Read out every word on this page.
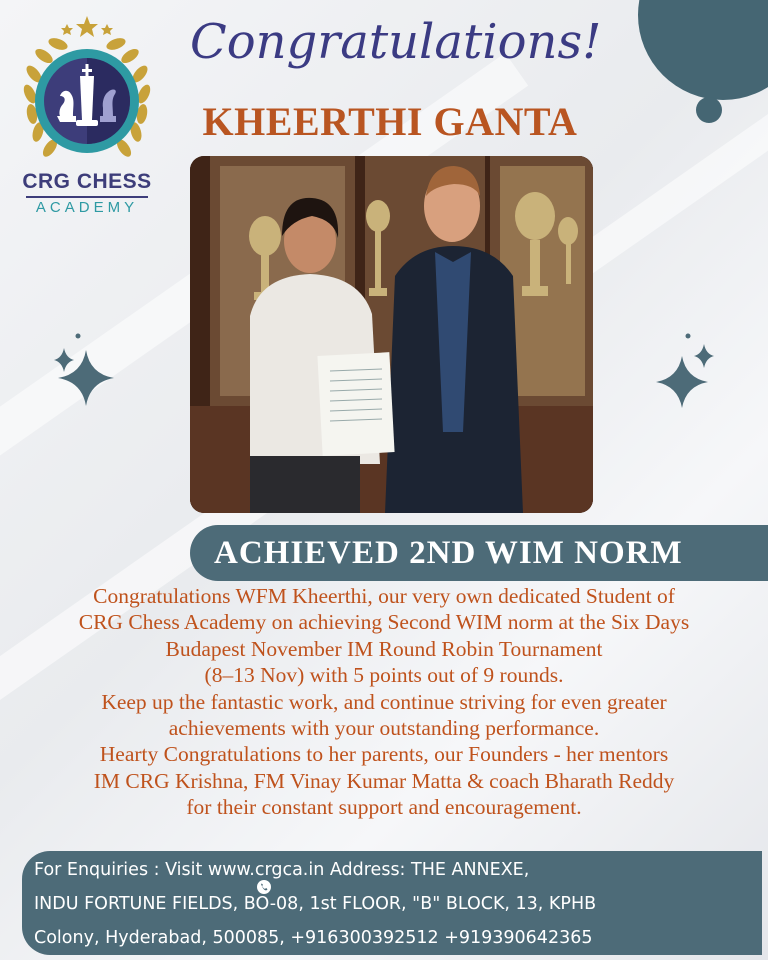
CRG CHESS
ACADEMY
Congratulations!
KHEERTHI GANTA
ACHIEVED 2ND WIM NORM
Congratulations WFM Kheerthi, our very own dedicated Student of
CRG Chess Academy on achieving Second WIM norm at the Six Days
Budapest November IM Round Robin Tournament
(8–13 Nov) with 5 points out of 9 rounds.
Keep up the fantastic work, and continue striving for even greater
achievements with your outstanding performance.
Hearty Congratulations to her parents, our Founders - her mentors
IM CRG Krishna, FM Vinay Kumar Matta & coach Bharath Reddy
for their constant support and encouragement.
For Enquiries : Visit www.crgca.in Address: THE ANNEXE,
INDU FORTUNE FIELDS, BO-08, 1st FLOOR, "B" BLOCK, 13, KPHB
Colony, Hyderabad, 500085, +916300392512 +919390642365
